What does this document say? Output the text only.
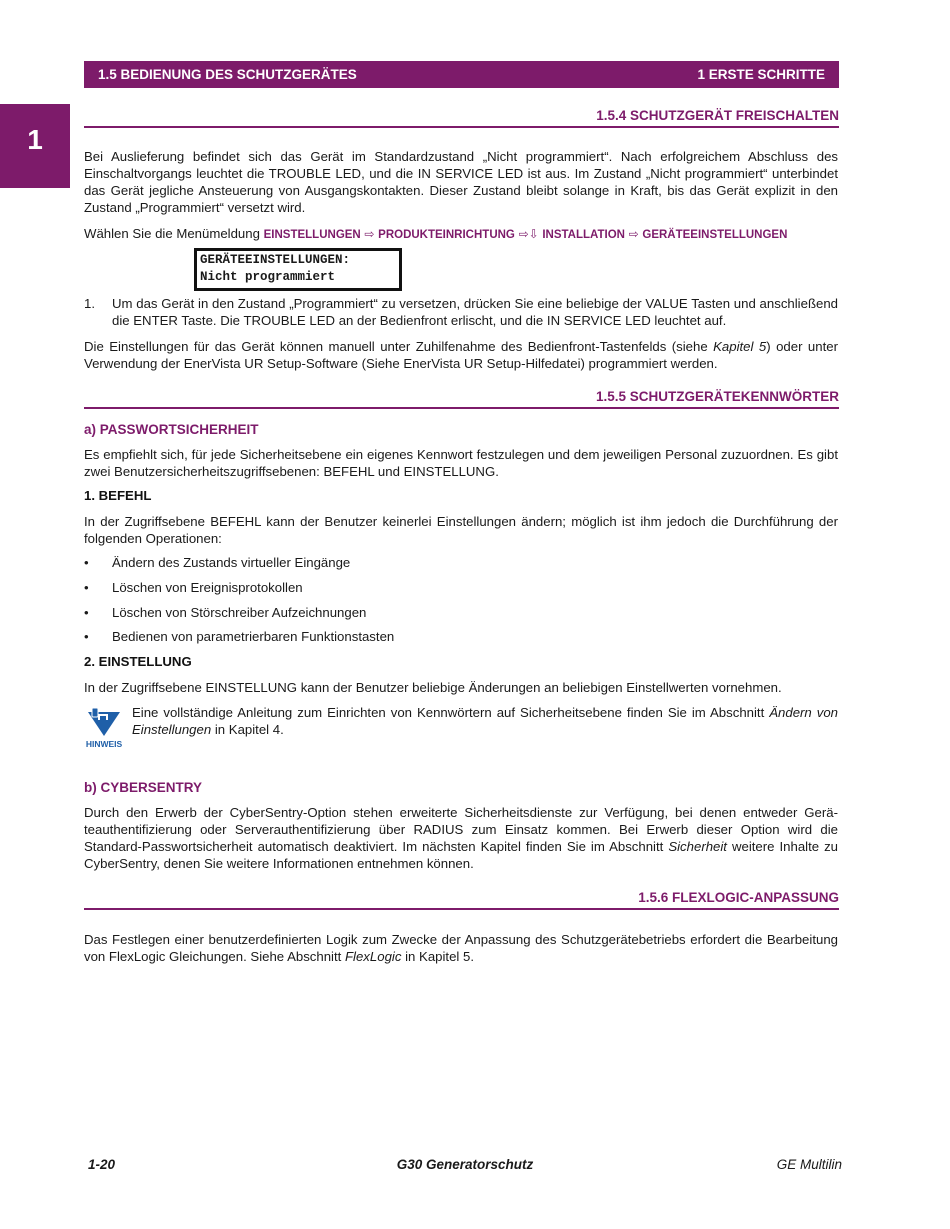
1.5 BEDIENUNG DES SCHUTZGERÄTES	1 ERSTE SCHRITTE
1
1.5.4 SCHUTZGERÄT FREISCHALTEN
Bei Auslieferung befindet sich das Gerät im Standardzustand „Nicht programmiert“. Nach erfolgreichem Abschluss des Einschaltvorgangs leuchtet die TROUBLE LED, und die IN SERVICE LED ist aus. Im Zustand „Nicht programmiert“ unterbindet das Gerät jegliche Ansteuerung von Ausgangskontakten. Dieser Zustand bleibt solange in Kraft, bis das Gerät explizit in den Zustand „Programmiert“ versetzt wird.
Wählen Sie die Menümeldung EINSTELLUNGEN ⇨ PRODUKTEINRICHTUNG ⇨⇩ INSTALLATION ⇨ GERÄTEEINSTELLUNGEN
GERÄTEEINSTELLUNGEN:
Nicht programmiert
1. Um das Gerät in den Zustand „Programmiert“ zu versetzen, drücken Sie eine beliebige der VALUE Tasten und anschließend die ENTER Taste. Die TROUBLE LED an der Bedienfront erlischt, und die IN SERVICE LED leuchtet auf.
Die Einstellungen für das Gerät können manuell unter Zuhilfenahme des Bedienfront-Tastenfelds (siehe Kapitel 5) oder unter Verwendung der EnerVista UR Setup-Software (Siehe EnerVista UR Setup-Hilfedatei) programmiert werden.
1.5.5 SCHUTZGERÄTEKENNWÖRTER
a) PASSWORTSICHERHEIT
Es empfiehlt sich, für jede Sicherheitsebene ein eigenes Kennwort festzulegen und dem jeweiligen Personal zuzuordnen. Es gibt zwei Benutzersicherheitszugriffsebenen: BEFEHL und EINSTELLUNG.
1. BEFEHL
In der Zugriffsebene BEFEHL kann der Benutzer keinerlei Einstellungen ändern; möglich ist ihm jedoch die Durchführung der folgenden Operationen:
• Ändern des Zustands virtueller Eingänge
• Löschen von Ereignisprotokollen
• Löschen von Störschreiber Aufzeichnungen
• Bedienen von parametrierbaren Funktionstasten
2. EINSTELLUNG
In der Zugriffsebene EINSTELLUNG kann der Benutzer beliebige Änderungen an beliebigen Einstellwerten vornehmen.
HINWEIS
Eine vollständige Anleitung zum Einrichten von Kennwörtern auf Sicherheitsebene finden Sie im Abschnitt Ändern von Einstellungen in Kapitel 4.
b) CYBERSENTRY
Durch den Erwerb der CyberSentry-Option stehen erweiterte Sicherheitsdienste zur Verfügung, bei denen entweder Geräteauthentifizierung oder Serverauthentifizierung über RADIUS zum Einsatz kommen. Bei Erwerb dieser Option wird die Standard-Passwortsicherheit automatisch deaktiviert. Im nächsten Kapitel finden Sie im Abschnitt Sicherheit weitere Inhalte zu CyberSentry, denen Sie weitere Informationen entnehmen können.
1.5.6 FLEXLOGIC-ANPASSUNG
Das Festlegen einer benutzerdefinierten Logik zum Zwecke der Anpassung des Schutzgerätebetriebs erfordert die Bearbeitung von FlexLogic Gleichungen. Siehe Abschnitt FlexLogic in Kapitel 5.
1-20	G30 Generatorschutz	GE Multilin
